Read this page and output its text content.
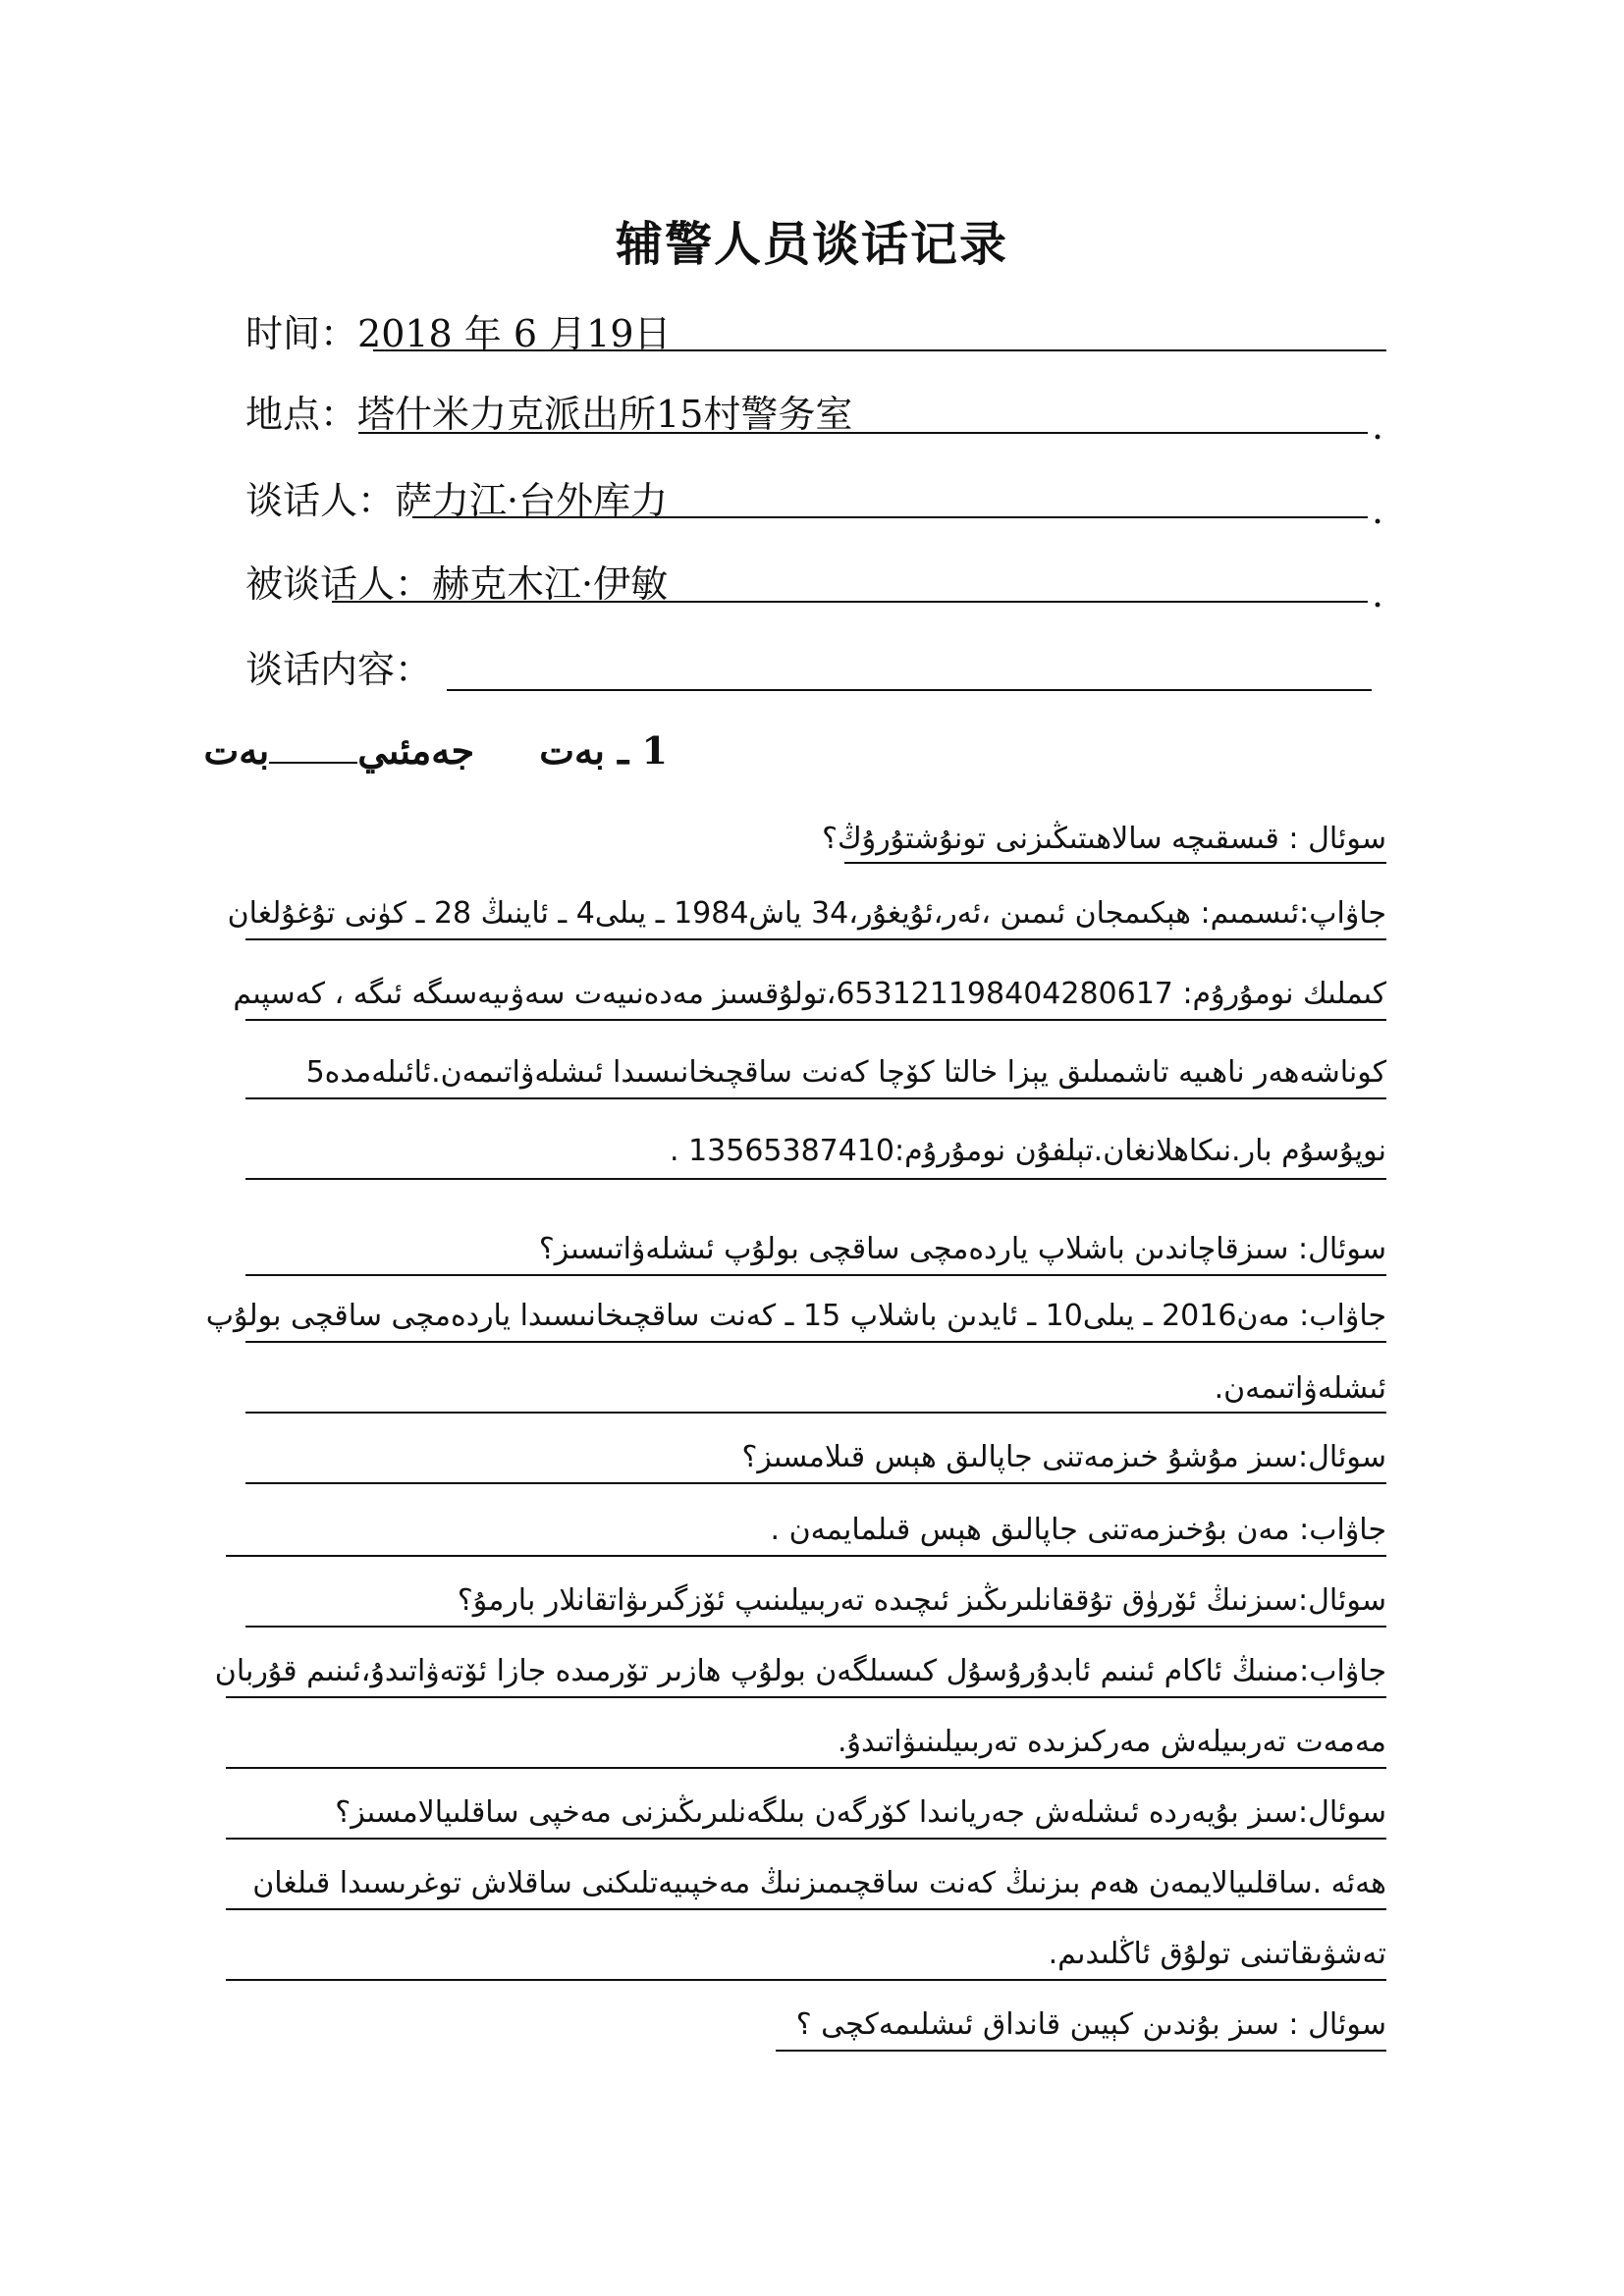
辅警人员谈话记录
时间：2018 年 6 月19日
地点：塔什米力克派出所15村警务室	.
谈话人：萨力江·台外库力	.
被谈话人：赫克木江·伊敏	.
谈话内容：
1 ـ بەت     جەمئىيبەت
سوئال : قىسقىچە سالاھىتىڭىزنى تونۇشتۇرۇڭ؟
جاۋاپ:ئىسمىم: ھېكىمجان ئىمىن ،ئەر،ئۇيغۇر،34 ياش1984 ـ يىلى4 ـ ئاينىڭ 28 ـ كۈنى تۇغۇلغان
كىملىك نومۇرۇم: 653121198404280617،تولۇقسىز مەدەنىيەت سەۋىيەسىگە ئىگە ، كەسپىم
كوناشەھەر ناھىيە تاشمىلىق يېزا خالتا كۆچا كەنت ساقچىخانىسىدا ئىشلەۋاتىمەن.ئائىلەمدە5
نوپۇسۇم بار.نىكاھلانغان.تېلفۇن نومۇرۇم:13565387410 .
سوئال: سىزقاچاندىن باشلاپ ياردەمچى ساقچى بولۇپ ئىشلەۋاتىسىز؟
جاۋاب: مەن2016 ـ يىلى10 ـ ئايدىن باشلاپ 15 ـ كەنت ساقچىخانىسىدا ياردەمچى ساقچى بولۇپ
ئىشلەۋاتىمەن.
سوئال:سىز مۇشۇ خىزمەتنى جاپالىق ھېس قىلامسىز؟
جاۋاب: مەن بۇخىزمەتنى جاپالىق ھېس قىلمايمەن .
سوئال:سىزنىڭ ئۆرۈق تۇققانلىرىڭىز ئىچىدە تەربىيلىنىپ ئۆزگىرىۋاتقانلار بارمۇ؟
جاۋاب:مىنىڭ ئاكام ئىنىم ئابدۇرۇسۇل كىسىلگەن بولۇپ ھازىر تۆرمىدە جازا ئۆتەۋاتىدۇ،ئىنىم قۇربان
مەمەت تەربىيلەش مەركىزىدە تەربىيلىنىۋاتىدۇ.
سوئال:سىز بۇيەردە ئىشلەش جەريانىدا كۆرگەن بىلگەنلىرىڭىزنى مەخپى ساقلىيالامسىز؟
ھەئە .ساقلىيالايمەن ھەم بىزنىڭ كەنت ساقچىمىزنىڭ مەخپىيەتلىكنى ساقلاش توغرىسىدا قىلغان
تەشۋىقاتىنى تولۇق ئاڭلىدىم.
سوئال : سىز بۇندىن كېيىن قانداق ئىشلىمەكچى ؟
